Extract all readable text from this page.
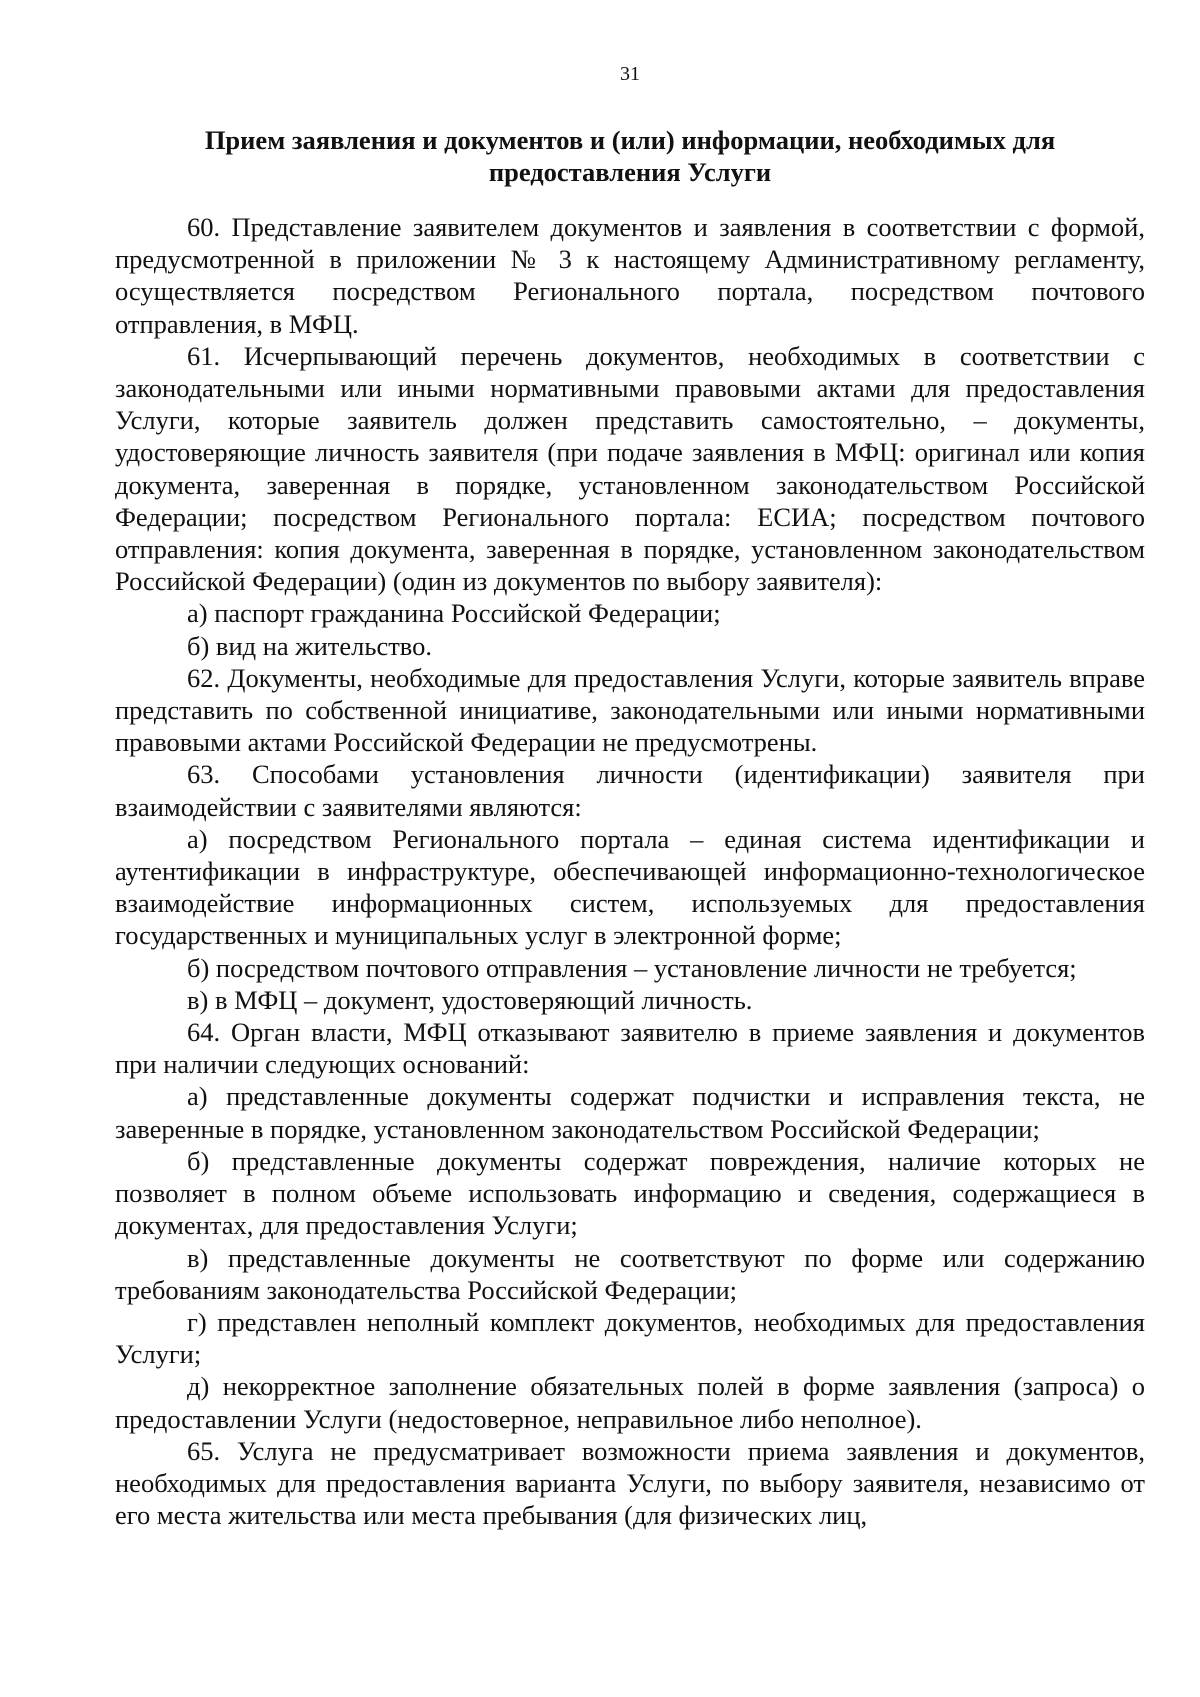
31
Прием заявления и документов и (или) информации, необходимых для
предоставления Услуги

60. Представление заявителем документов и заявления в соответствии с формой, предусмотренной в приложении № 3 к настоящему Административному регламенту, осуществляется посредством Регионального портала, посредством почтового отправления, в МФЦ.

61. Исчерпывающий перечень документов, необходимых в соответствии с законодательными или иными нормативными правовыми актами для предоставления Услуги, которые заявитель должен представить самостоятельно, – документы, удостоверяющие личность заявителя (при подаче заявления в МФЦ: оригинал или копия документа, заверенная в порядке, установленном законодательством Российской Федерации; посредством Регионального портала: ЕСИА; посредством почтового отправления: копия документа, заверенная в порядке, установленном законодательством Российской Федерации) (один из документов по выбору заявителя):

а) паспорт гражданина Российской Федерации;

б) вид на жительство.

62. Документы, необходимые для предоставления Услуги, которые заявитель вправе представить по собственной инициативе, законодательными или иными нормативными правовыми актами Российской Федерации не предусмотрены.

63. Способами установления личности (идентификации) заявителя при взаимодействии с заявителями являются:

а) посредством Регионального портала – единая система идентификации и аутентификации в инфраструктуре, обеспечивающей информационно-технологическое взаимодействие информационных систем, используемых для предоставления государственных и муниципальных услуг в электронной форме;

б) посредством почтового отправления – установление личности не требуется;

в) в МФЦ – документ, удостоверяющий личность.

64. Орган власти, МФЦ отказывают заявителю в приеме заявления и документов при наличии следующих оснований:

а) представленные документы содержат подчистки и исправления текста, не заверенные в порядке, установленном законодательством Российской Федерации;

б) представленные документы содержат повреждения, наличие которых не позволяет в полном объеме использовать информацию и сведения, содержащиеся в документах, для предоставления Услуги;

в) представленные документы не соответствуют по форме или содержанию требованиям законодательства Российской Федерации;

г) представлен неполный комплект документов, необходимых для предоставления Услуги;

д) некорректное заполнение обязательных полей в форме заявления (запроса) о предоставлении Услуги (недостоверное, неправильное либо неполное).

65. Услуга не предусматривает возможности приема заявления и документов, необходимых для предоставления варианта Услуги, по выбору заявителя, независимо от его места жительства или места пребывания (для физических лиц,
